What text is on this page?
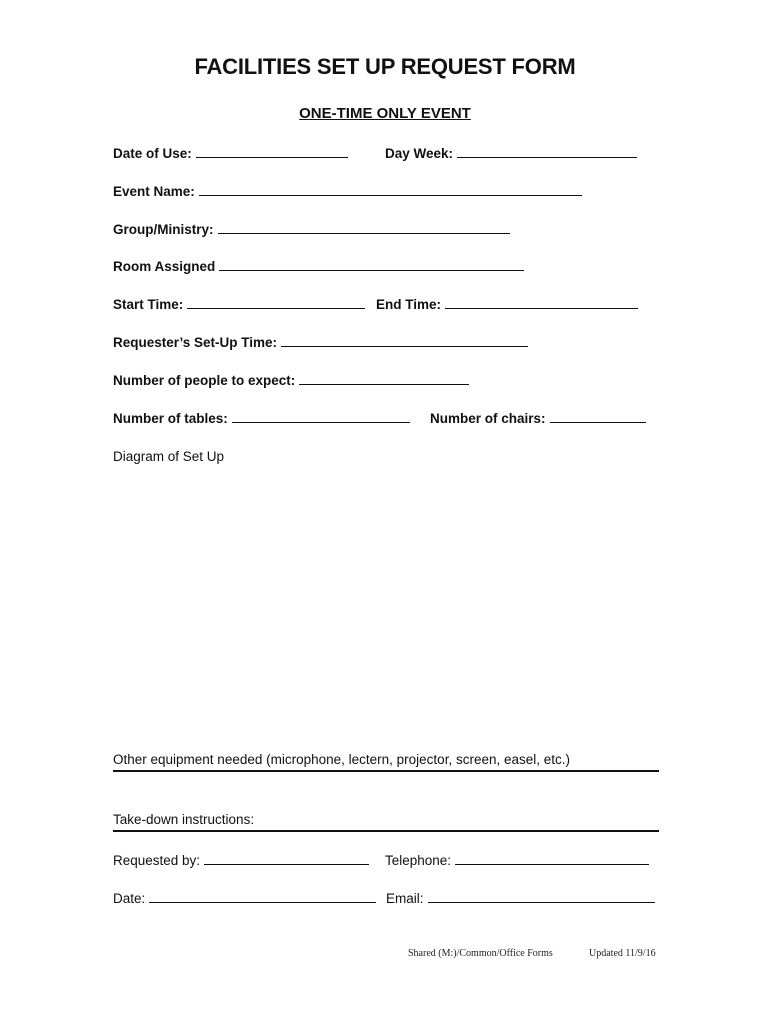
FACILITIES SET UP REQUEST FORM
ONE-TIME ONLY EVENT
Date of Use:	Day Week:
Event Name:
Group/Ministry:
Room Assigned
Start Time:	End Time:
Requester’s Set-Up Time:
Number of people to expect:
Number of tables:	Number of chairs:
Diagram of Set Up
Other equipment needed (microphone, lectern, projector, screen, easel, etc.)
Take-down instructions:
Requested by:	Telephone:
Date:	Email:
Shared (M:)/Common/Office Forms	Updated 11/9/16
